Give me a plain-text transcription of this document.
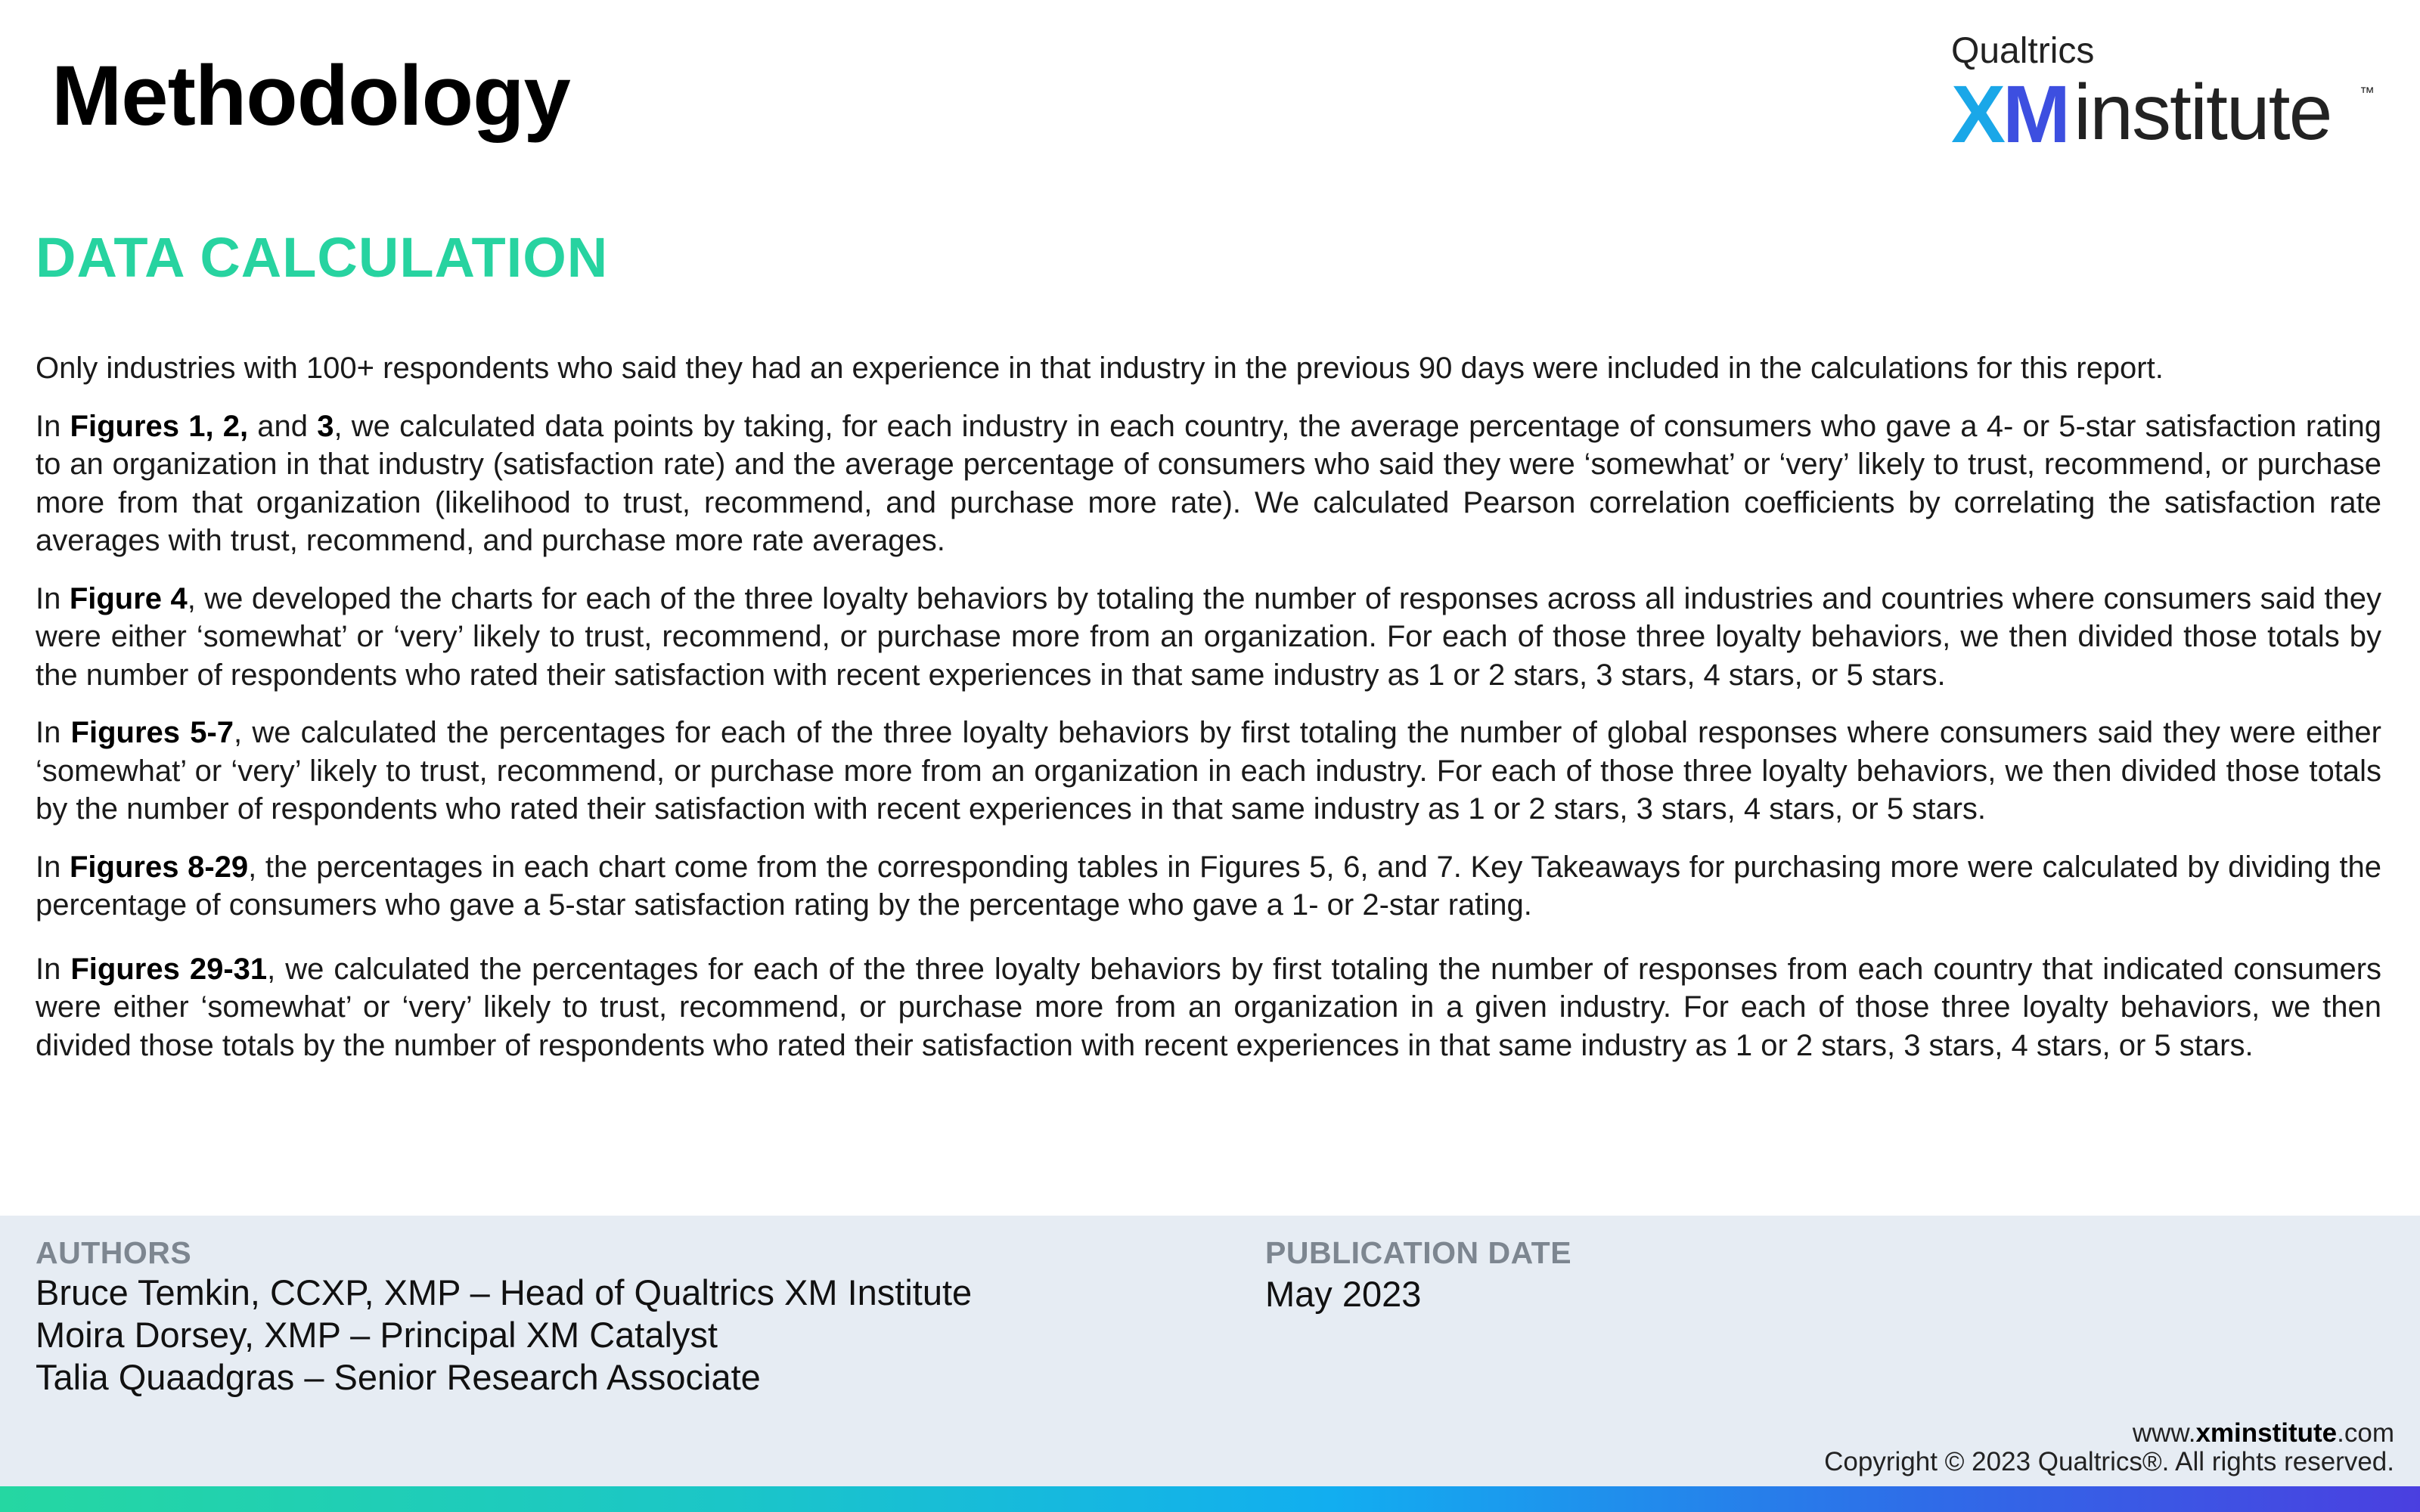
Methodology	Qualtrics
XM institute ™
DATA CALCULATION

Only industries with 100+ respondents who said they had an experience in that industry in the previous 90 days were included in the calculations for this report.

In Figures 1, 2, and 3, we calculated data points by taking, for each industry in each country, the average percentage of consumers who gave a 4- or 5-star satisfaction rating to an organization in that industry (satisfaction rate) and the average percentage of consumers who said they were ‘somewhat’ or ‘very’ likely to trust, recommend, or purchase more from that organization (likelihood to trust, recommend, and purchase more rate). We calculated Pearson correlation coefficients by correlating the satisfaction rate averages with trust, recommend, and purchase more rate averages.

In Figure 4, we developed the charts for each of the three loyalty behaviors by totaling the number of responses across all industries and countries where consumers said they were either ‘somewhat’ or ‘very’ likely to trust, recommend, or purchase more from an organization. For each of those three loyalty behaviors, we then divided those totals by the number of respondents who rated their satisfaction with recent experiences in that same industry as 1 or 2 stars, 3 stars, 4 stars, or 5 stars.

In Figures 5-7, we calculated the percentages for each of the three loyalty behaviors by first totaling the number of global responses where consumers said they were either ‘somewhat’ or ‘very’ likely to trust, recommend, or purchase more from an organization in each industry. For each of those three loyalty behaviors, we then divided those totals by the number of respondents who rated their satisfaction with recent experiences in that same industry as 1 or 2 stars, 3 stars, 4 stars, or 5 stars.

In Figures 8-29, the percentages in each chart come from the corresponding tables in Figures 5, 6, and 7. Key Takeaways for purchasing more were calculated by dividing the percentage of consumers who gave a 5-star satisfaction rating by the percentage who gave a 1- or 2-star rating.

In Figures 29-31, we calculated the percentages for each of the three loyalty behaviors by first totaling the number of responses from each country that indicated consumers were either ‘somewhat’ or ‘very’ likely to trust, recommend, or purchase more from an organization in a given industry. For each of those three loyalty behaviors, we then divided those totals by the number of respondents who rated their satisfaction with recent experiences in that same industry as 1 or 2 stars, 3 stars, 4 stars, or 5 stars.

AUTHORS
Bruce Temkin, CCXP, XMP – Head of Qualtrics XM Institute
Moira Dorsey, XMP – Principal XM Catalyst
Talia Quaadgras – Senior Research Associate
PUBLICATION DATE
May 2023
www.xminstitute.com
Copyright © 2023 Qualtrics®. All rights reserved.
